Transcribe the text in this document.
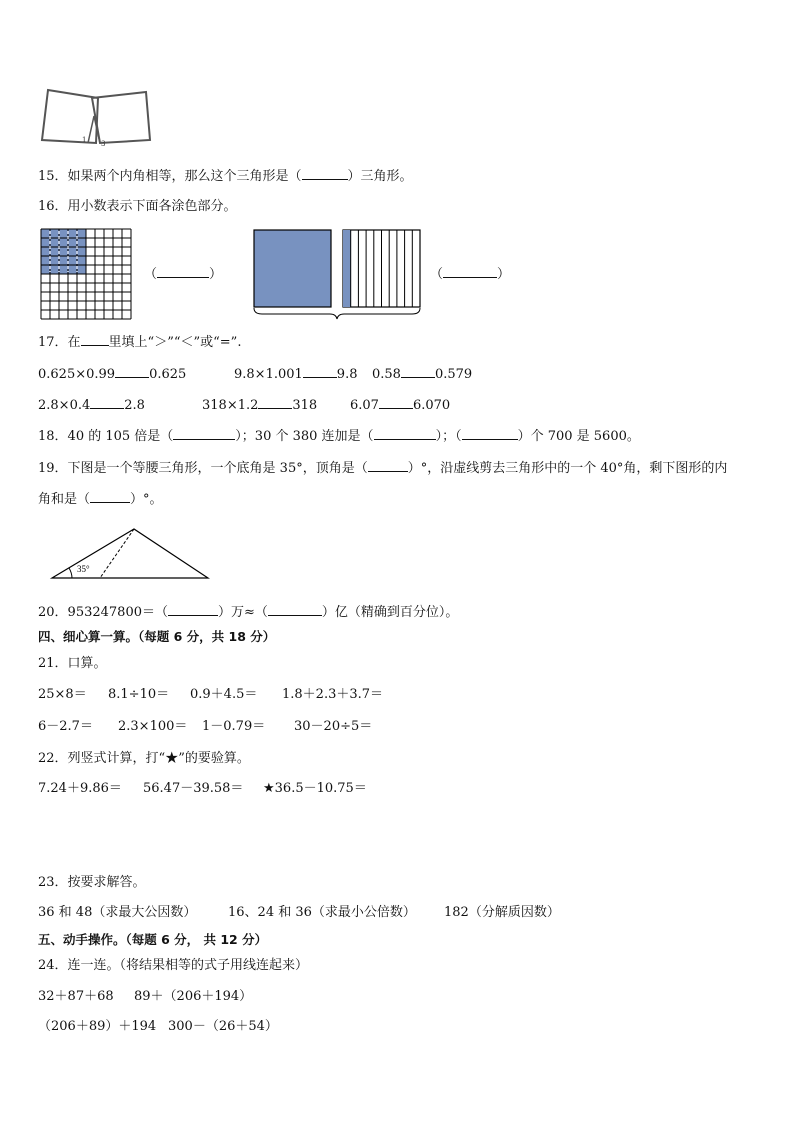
1 3
15．如果两个内角相等，那么这个三角形是（	）三角形。
16．用小数表示下面各涂色部分。
（	）	（	）
17．在 里填上“＞”“＜”或“=”.
0.625×0.99	0.625	9.8×1.001	9.8 0.58	0.579
2.8×0.4	2.8	318×1.2	318	6.07	6.070
18．40 的 105 倍是（	）；30 个 380 连加是（	）；（	）个 700 是 5600。
19．下图是一个等腰三角形，一个底角是 35°，顶角是（	）°，沿虚线剪去三角形中的一个 40°角，剩下图形的内
角和是（	）°。
35°
20．953247800＝（	）万≈（	）亿（精确到百分位）。
四、细心算一算。（每题 6 分，共 18 分）
21．口算。
25×8＝ 8.1÷10＝ 0.9＋4.5＝ 1.8＋2.3＋3.7＝
6－2.7＝ 2.3×100＝ 1－0.79＝ 30－20÷5＝
22．列竖式计算，打“★”的要验算。
7.24＋9.86＝ 56.47－39.58＝ ★36.5－10.75＝
23．按要求解答。
36 和 48（求最大公因数） 16、24 和 36（求最小公倍数） 182（分解质因数）
五、动手操作。（每题 6 分， 共 12 分）
24．连一连。（将结果相等的式子用线连起来）
32＋87＋68 89＋（206＋194）
（206＋89）＋194 300－（26＋54）
